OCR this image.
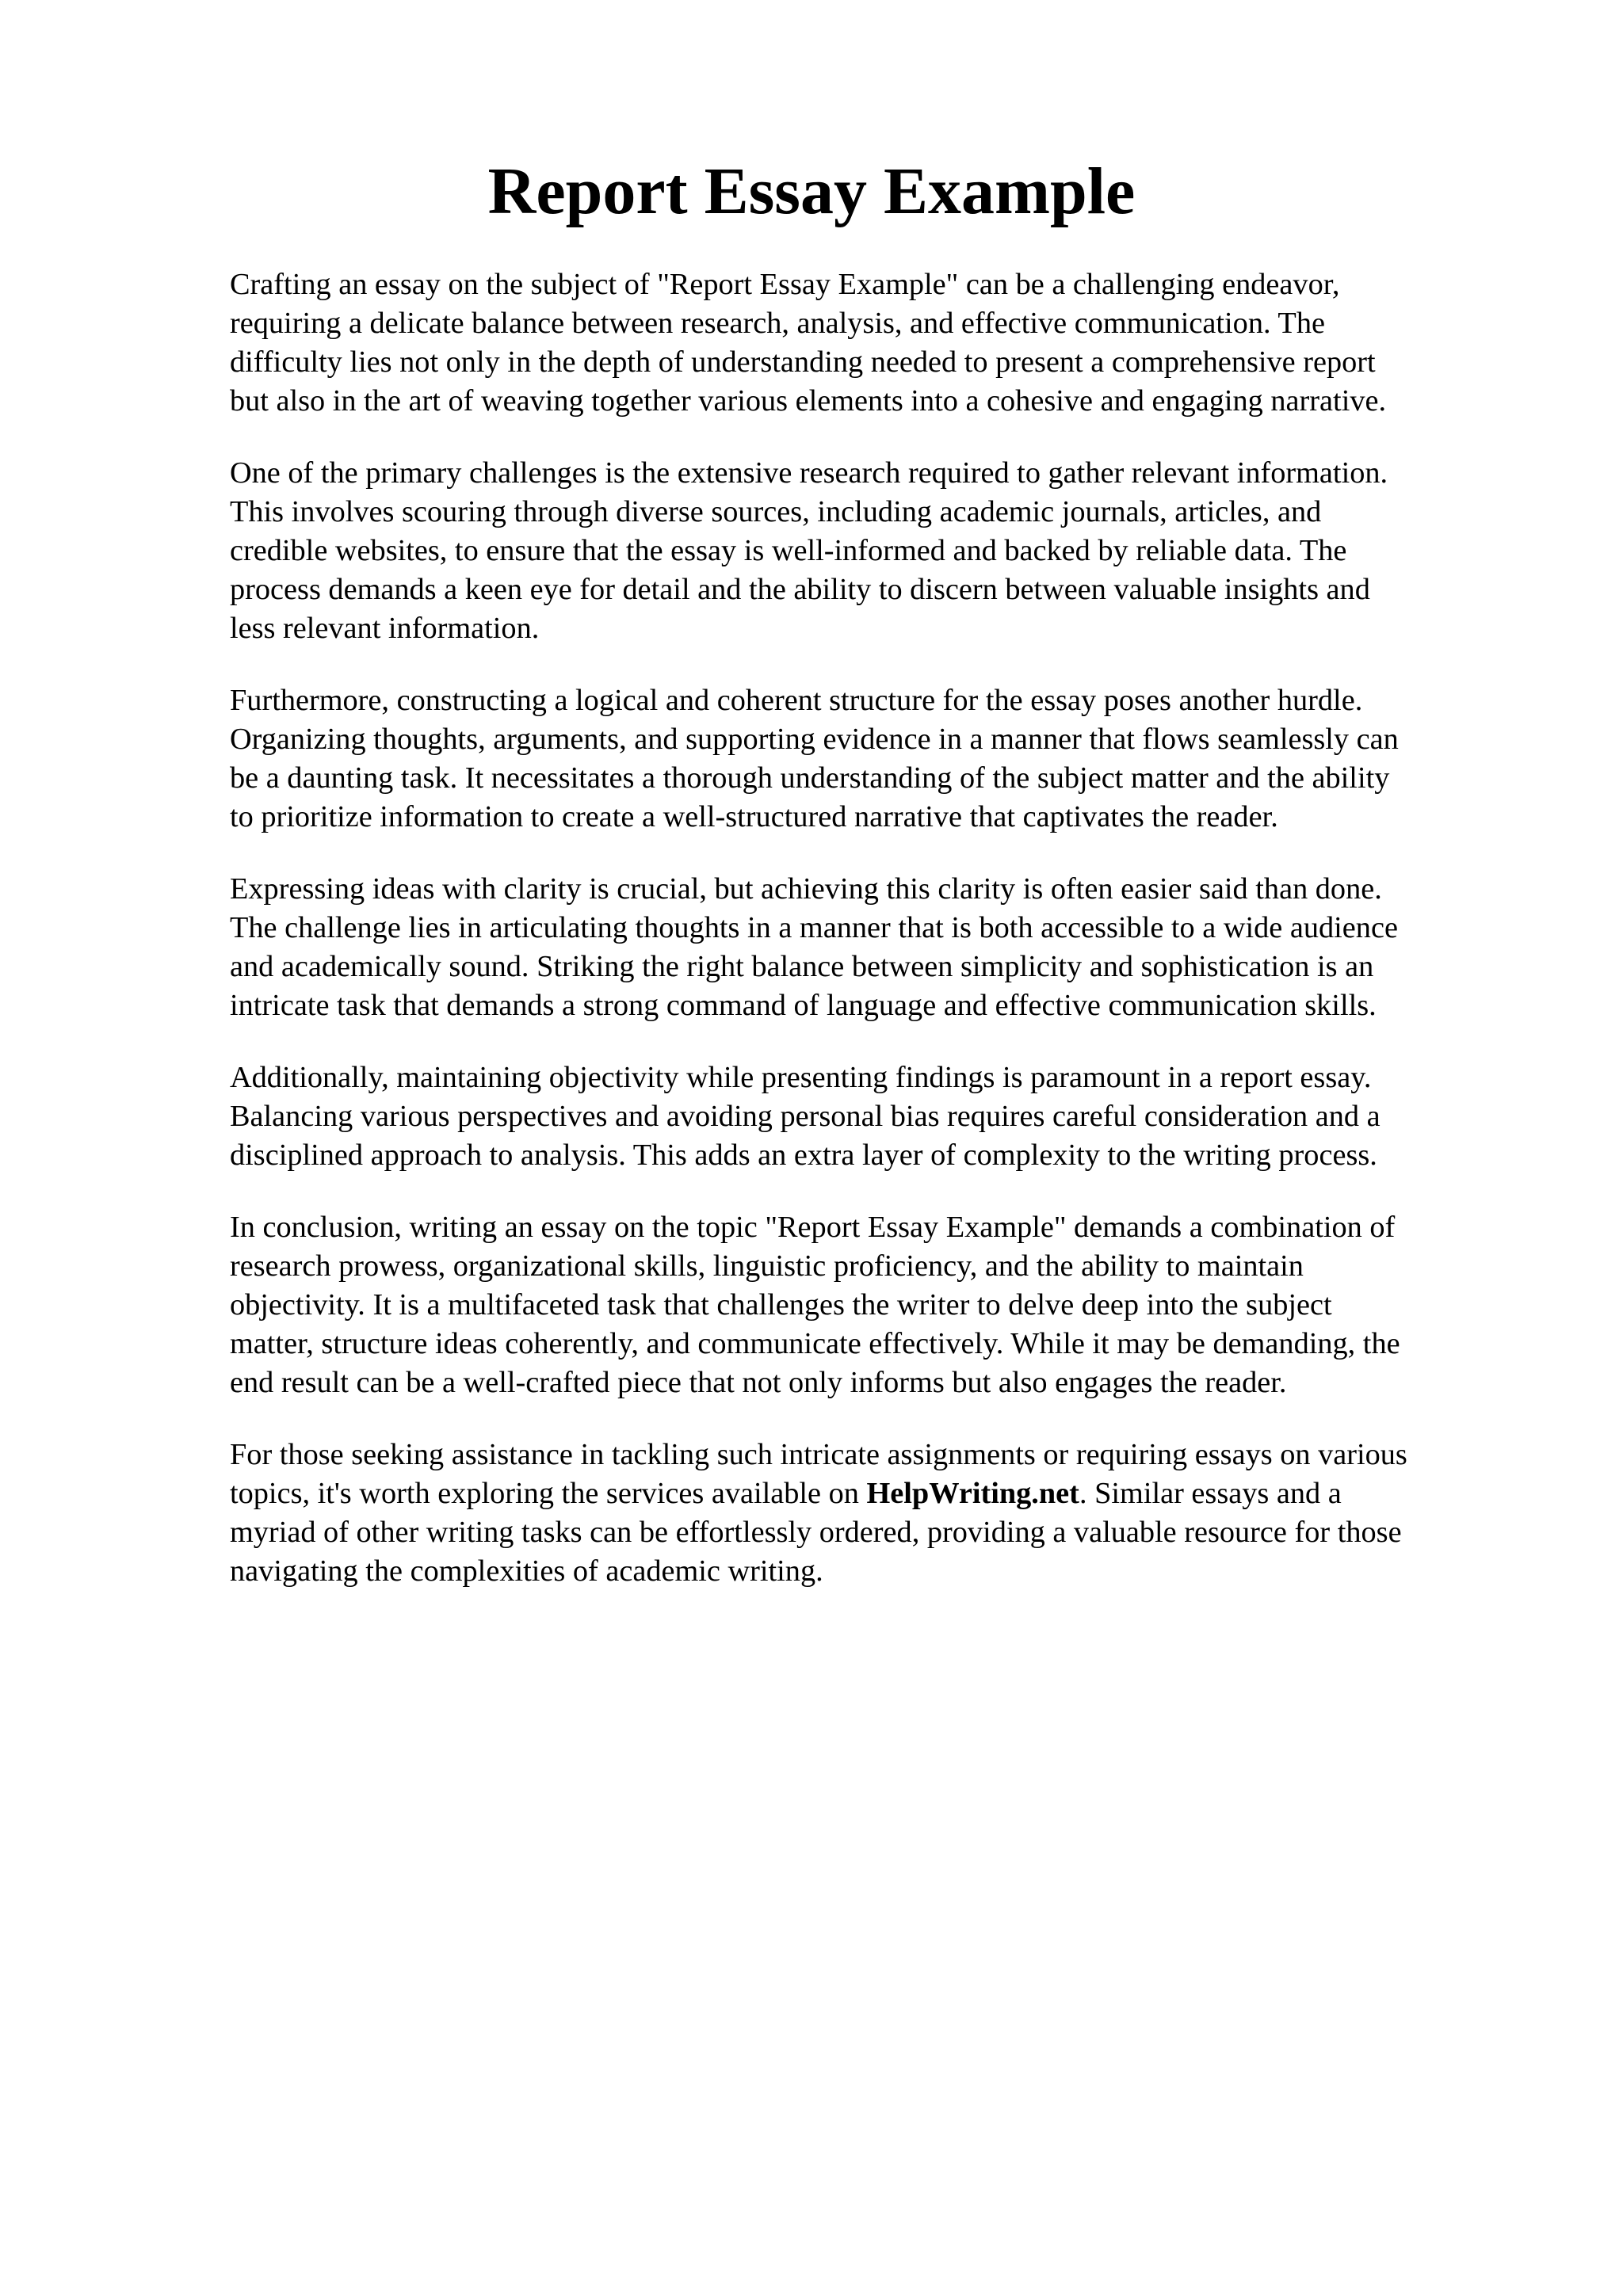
Report Essay Example

Crafting an essay on the subject of "Report Essay Example" can be a challenging endeavor,
requiring a delicate balance between research, analysis, and effective communication. The
difficulty lies not only in the depth of understanding needed to present a comprehensive report
but also in the art of weaving together various elements into a cohesive and engaging narrative.

One of the primary challenges is the extensive research required to gather relevant information.
This involves scouring through diverse sources, including academic journals, articles, and
credible websites, to ensure that the essay is well-informed and backed by reliable data. The
process demands a keen eye for detail and the ability to discern between valuable insights and
less relevant information.

Furthermore, constructing a logical and coherent structure for the essay poses another hurdle.
Organizing thoughts, arguments, and supporting evidence in a manner that flows seamlessly can
be a daunting task. It necessitates a thorough understanding of the subject matter and the ability
to prioritize information to create a well-structured narrative that captivates the reader.

Expressing ideas with clarity is crucial, but achieving this clarity is often easier said than done.
The challenge lies in articulating thoughts in a manner that is both accessible to a wide audience
and academically sound. Striking the right balance between simplicity and sophistication is an
intricate task that demands a strong command of language and effective communication skills.

Additionally, maintaining objectivity while presenting findings is paramount in a report essay.
Balancing various perspectives and avoiding personal bias requires careful consideration and a
disciplined approach to analysis. This adds an extra layer of complexity to the writing process.

In conclusion, writing an essay on the topic "Report Essay Example" demands a combination of
research prowess, organizational skills, linguistic proficiency, and the ability to maintain
objectivity. It is a multifaceted task that challenges the writer to delve deep into the subject
matter, structure ideas coherently, and communicate effectively. While it may be demanding, the
end result can be a well-crafted piece that not only informs but also engages the reader.

For those seeking assistance in tackling such intricate assignments or requiring essays on various
topics, it's worth exploring the services available on HelpWriting.net. Similar essays and a
myriad of other writing tasks can be effortlessly ordered, providing a valuable resource for those
navigating the complexities of academic writing.
